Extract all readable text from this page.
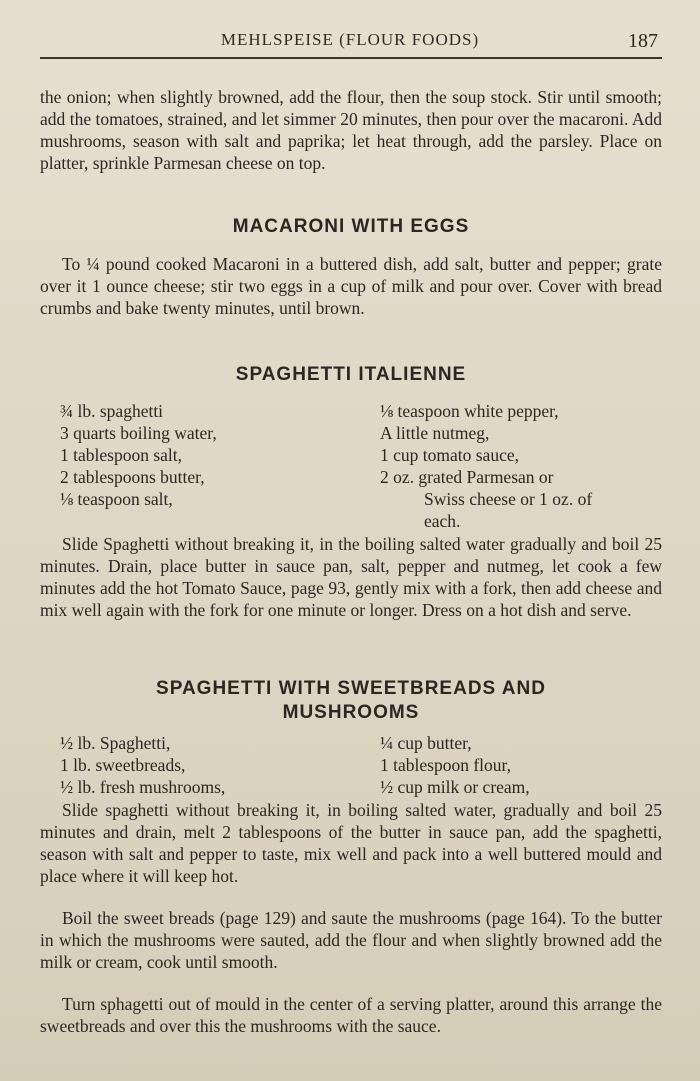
MEHLSPEISE (FLOUR FOODS)	187
the onion; when slightly browned, add the flour, then the soup stock. Stir until smooth; add the tomatoes, strained, and let simmer 20 minutes, then pour over the macaroni. Add mushrooms, season with salt and paprika; let heat through, add the parsley. Place on platter, sprinkle Parmesan cheese on top.
MACARONI WITH EGGS
To ¼ pound cooked Macaroni in a buttered dish, add salt, butter and pepper; grate over it 1 ounce cheese; stir two eggs in a cup of milk and pour over. Cover with bread crumbs and bake twenty minutes, until brown.
SPAGHETTI ITALIENNE
¾ lb. spaghetti
3 quarts boiling water,
1 tablespoon salt,
2 tablespoons butter,
⅛ teaspoon salt,
⅛ teaspoon white pepper,
A little nutmeg,
1 cup tomato sauce,
2 oz. grated Parmesan or
Swiss cheese or 1 oz. of
each.
Slide Spaghetti without breaking it, in the boiling salted water gradually and boil 25 minutes. Drain, place butter in sauce pan, salt, pepper and nutmeg, let cook a few minutes add the hot Tomato Sauce, page 93, gently mix with a fork, then add cheese and mix well again with the fork for one minute or longer. Dress on a hot dish and serve.
SPAGHETTI WITH SWEETBREADS AND
MUSHROOMS
½ lb. Spaghetti,
1 lb. sweetbreads,
½ lb. fresh mushrooms,
¼ cup butter,
1 tablespoon flour,
½ cup milk or cream,
Slide spaghetti without breaking it, in boiling salted water, gradually and boil 25 minutes and drain, melt 2 tablespoons of the butter in sauce pan, add the spaghetti, season with salt and pepper to taste, mix well and pack into a well buttered mould and place where it will keep hot.
Boil the sweet breads (page 129) and saute the mushrooms (page 164). To the butter in which the mushrooms were sauted, add the flour and when slightly browned add the milk or cream, cook until smooth.
Turn sphagetti out of mould in the center of a serving platter, around this arrange the sweetbreads and over this the mushrooms with the sauce.
